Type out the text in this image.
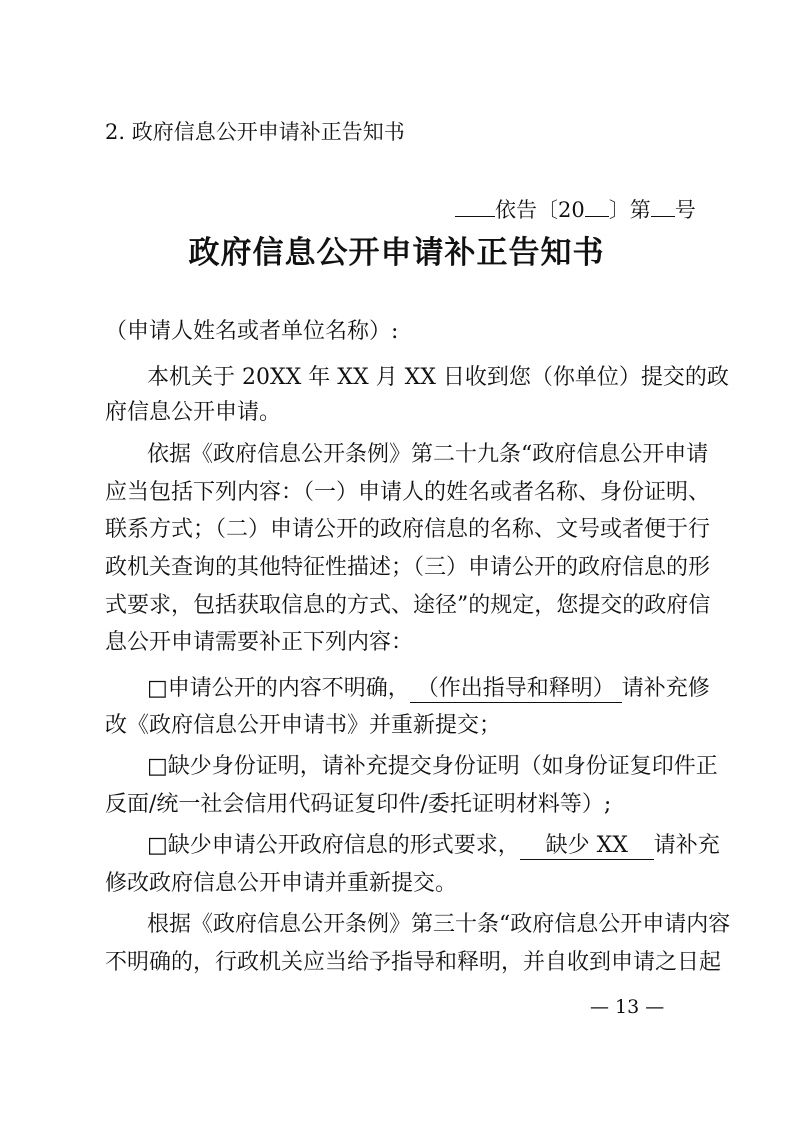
2. 政府信息公开申请补正告知书
依告〔20 〕第 号
政府信息公开申请补正告知书
（申请人姓名或者单位名称）:
本机关于 20XX 年 XX 月 XX 日收到您（你单位）提交的政
府信息公开申请。
依据《政府信息公开条例》第二十九条“政府信息公开申请
应当包括下列内容：（一）申请人的姓名或者名称、身份证明、
联系方式；（二）申请公开的政府信息的名称、文号或者便于行
政机关查询的其他特征性描述；（三）申请公开的政府信息的形
式要求，包括获取信息的方式、途径”的规定，您提交的政府信
息公开申请需要补正下列内容：
□申请公开的内容不明确， （作出指导和释明） 请补充修
改《政府信息公开申请书》并重新提交；
□缺少身份证明，请补充提交身份证明（如身份证复印件正
反面/统一社会信用代码证复印件/委托证明材料等）;
□缺少申请公开政府信息的形式要求， 缺少 XX 请补充
修改政府信息公开申请并重新提交。
根据《政府信息公开条例》第三十条“政府信息公开申请内容
不明确的，行政机关应当给予指导和释明，并自收到申请之日起
— 13 —
